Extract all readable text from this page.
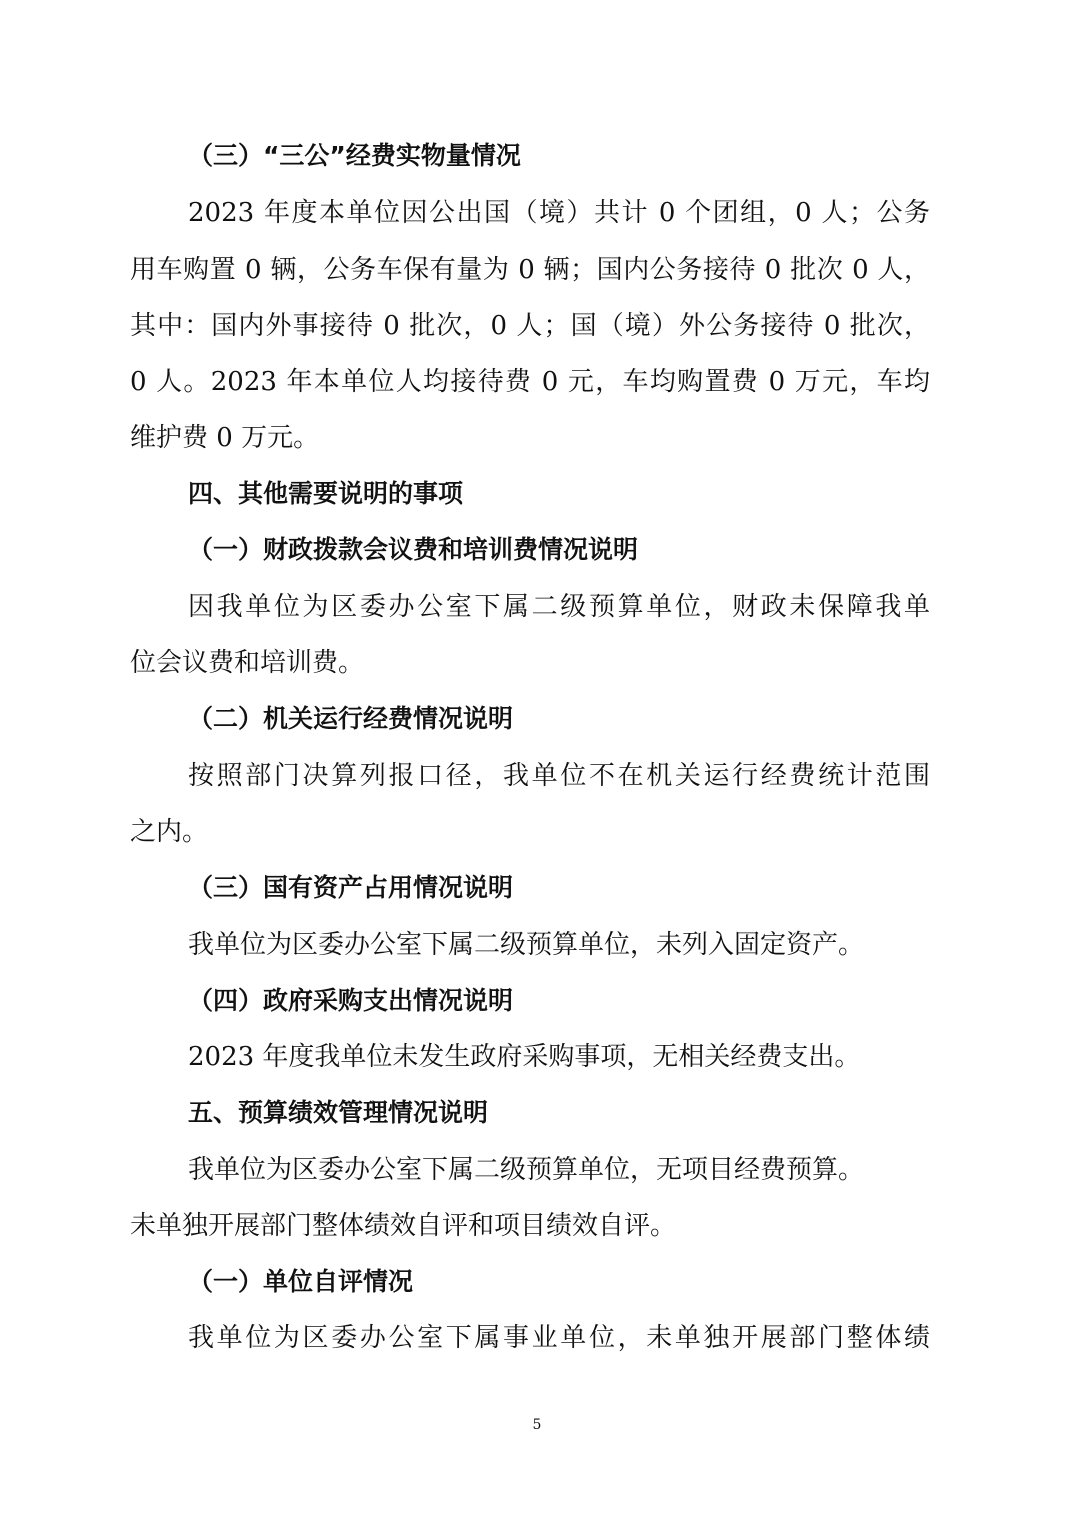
（三）“三公”经费实物量情况
2023 年度本单位因公出国（境）共计 0 个团组，0 人；公务
用车购置 0 辆，公务车保有量为 0 辆；国内公务接待 0 批次 0 人，
其中：国内外事接待 0 批次，0 人；国（境）外公务接待 0 批次，
0 人。2023 年本单位人均接待费 0 元，车均购置费 0 万元，车均
维护费 0 万元。
四、其他需要说明的事项
（一）财政拨款会议费和培训费情况说明
因我单位为区委办公室下属二级预算单位，财政未保障我单
位会议费和培训费。
（二）机关运行经费情况说明
按照部门决算列报口径，我单位不在机关运行经费统计范围
之内。
（三）国有资产占用情况说明
我单位为区委办公室下属二级预算单位，未列入固定资产。
（四）政府采购支出情况说明
2023 年度我单位未发生政府采购事项，无相关经费支出。
五、预算绩效管理情况说明
我单位为区委办公室下属二级预算单位，无项目经费预算。
未单独开展部门整体绩效自评和项目绩效自评。
（一）单位自评情况
我单位为区委办公室下属事业单位，未单独开展部门整体绩
5
